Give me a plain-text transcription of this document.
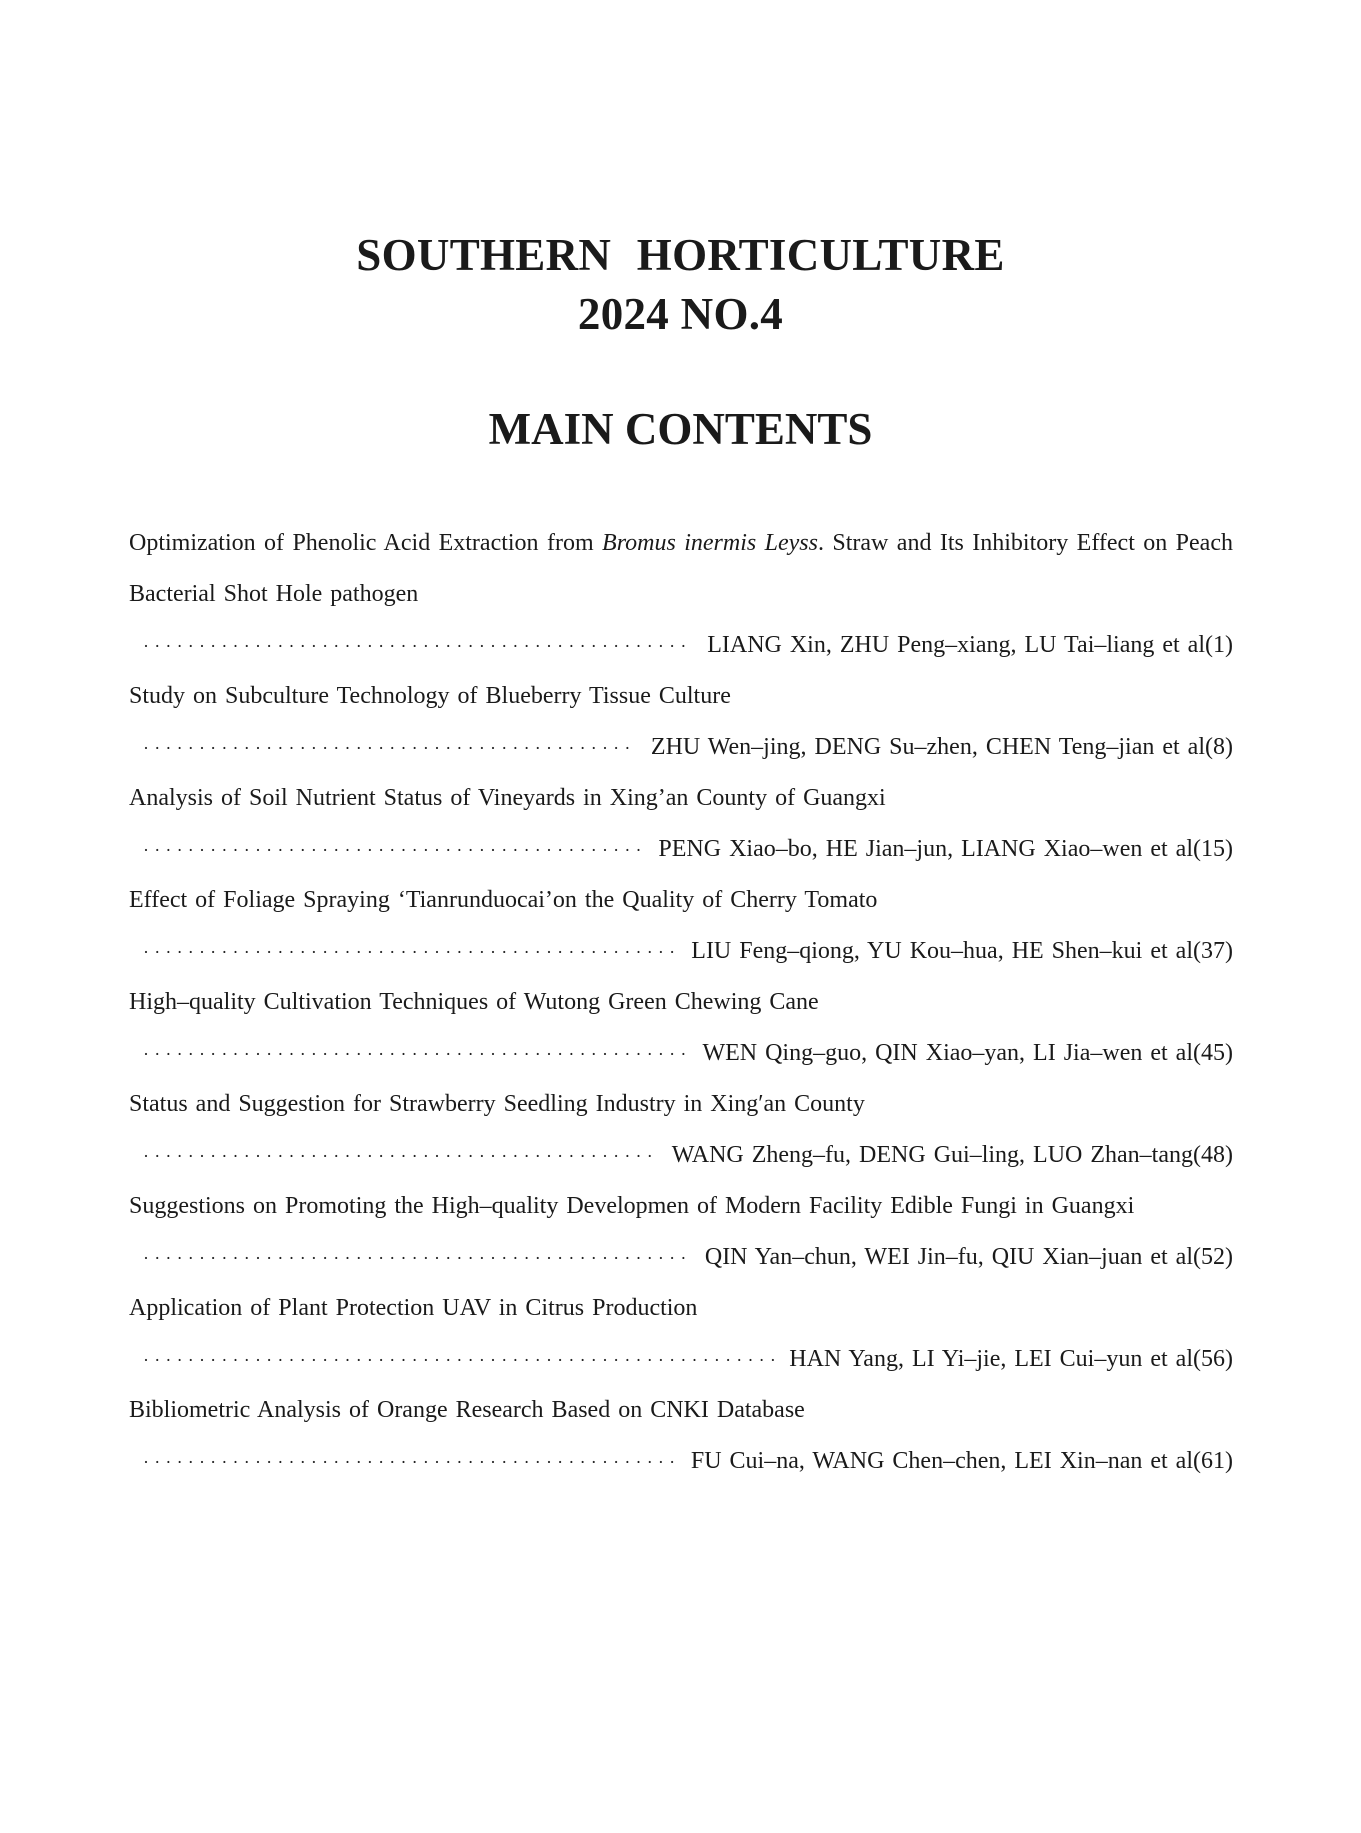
SOUTHERN HORTICULTURE
2024 NO.4
MAIN CONTENTS
Optimization of Phenolic Acid Extraction from Bromus inermis Leyss. Straw and Its Inhibitory Effect on Peach Bacterial Shot Hole pathogen
·····
LIANG Xin, ZHU Peng–xiang, LU Tai–liang et al ( 1 )
Study on Subculture Technology of Blueberry Tissue Culture
·····
ZHU Wen–jing, DENG Su–zhen, CHEN Teng–jian et al ( 8 )
Analysis of Soil Nutrient Status of Vineyards in Xing’an County of Guangxi
·····
PENG Xiao–bo, HE Jian–jun, LIANG Xiao–wen et al ( 15 )
Effect of Foliage Spraying ‘Tianrunduocai’on the Quality of Cherry Tomato
·····
LIU Feng–qiong, YU Kou–hua, HE Shen–kui et al ( 37 )
High–quality Cultivation Techniques of Wutong Green Chewing Cane
·····
WEN Qing–guo, QIN Xiao–yan, LI Jia–wen et al ( 45 )
Status and Suggestion for Strawberry Seedling Industry in Xing′an County
·····
WANG Zheng–fu, DENG Gui–ling, LUO Zhan–tang ( 48 )
Suggestions on Promoting the High–quality Developmen of Modern Facility Edible Fungi in Guangxi
·····
QIN Yan–chun, WEI Jin–fu, QIU Xian–juan et al ( 52 )
Application of Plant Protection UAV in Citrus Production
·····
HAN Yang, LI Yi–jie, LEI Cui–yun et al ( 56 )
Bibliometric Analysis of Orange Research Based on CNKI Database
·····
FU Cui–na, WANG Chen–chen, LEI Xin–nan et al ( 61 )
